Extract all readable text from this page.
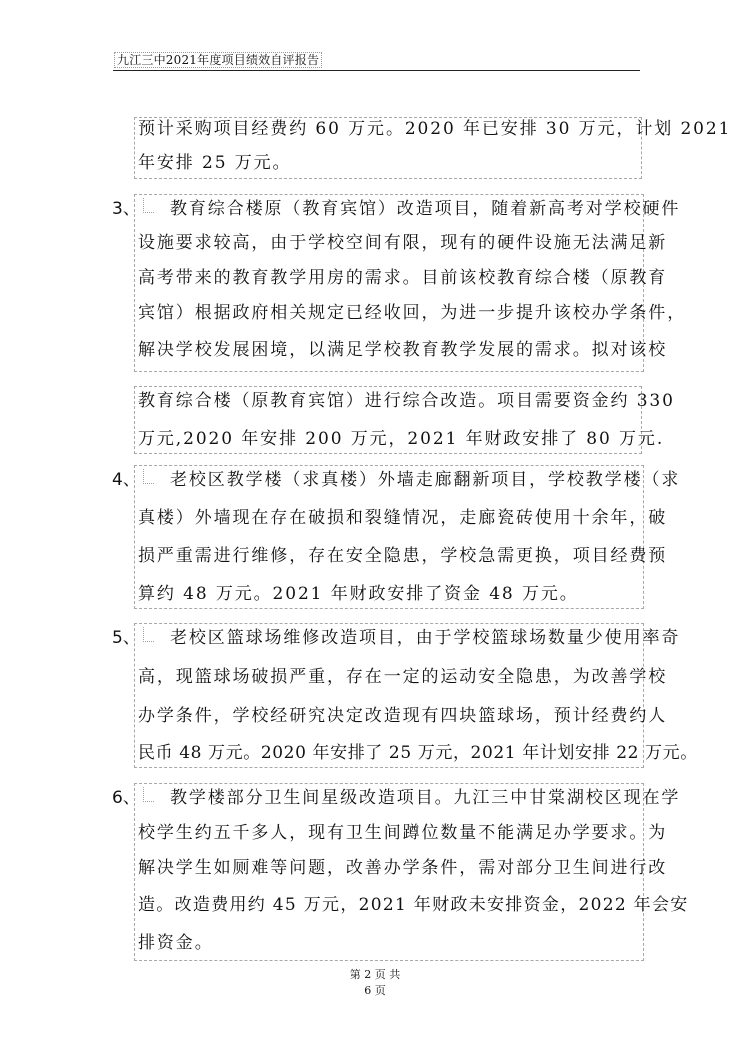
九江三中2021年度项目绩效自评报告
预计采购项目经费约 60 万元。2020 年已安排 30 万元，计划 2021
年安排 25 万元。
3、 教育综合楼原（教育宾馆）改造项目，随着新高考对学校硬件
设施要求较高，由于学校空间有限，现有的硬件设施无法满足新
高考带来的教育教学用房的需求。目前该校教育综合楼（原教育
宾馆）根据政府相关规定已经收回，为进一步提升该校办学条件，
解决学校发展困境，以满足学校教育教学发展的需求。拟对该校
教育综合楼（原教育宾馆）进行综合改造。项目需要资金约 330
万元,2020 年安排 200 万元，2021 年财政安排了 80 万元.
4、 老校区教学楼（求真楼）外墙走廊翻新项目，学校教学楼（求
真楼）外墙现在存在破损和裂缝情况，走廊瓷砖使用十余年，破
损严重需进行维修，存在安全隐患，学校急需更换，项目经费预
算约 48 万元。2021 年财政安排了资金 48 万元。
5、 老校区篮球场维修改造项目，由于学校篮球场数量少使用率奇
高，现篮球场破损严重，存在一定的运动安全隐患，为改善学校
办学条件，学校经研究决定改造现有四块篮球场，预计经费约人
民币 48 万元。2020 年安排了 25 万元，2021 年计划安排 22 万元。
6、 教学楼部分卫生间星级改造项目。九江三中甘棠湖校区现在学
校学生约五千多人，现有卫生间蹲位数量不能满足办学要求。为
解决学生如厕难等问题，改善办学条件，需对部分卫生间进行改
造。改造费用约 45 万元，2021 年财政未安排资金，2022 年会安
排资金。
第 2 页 共
6 页
